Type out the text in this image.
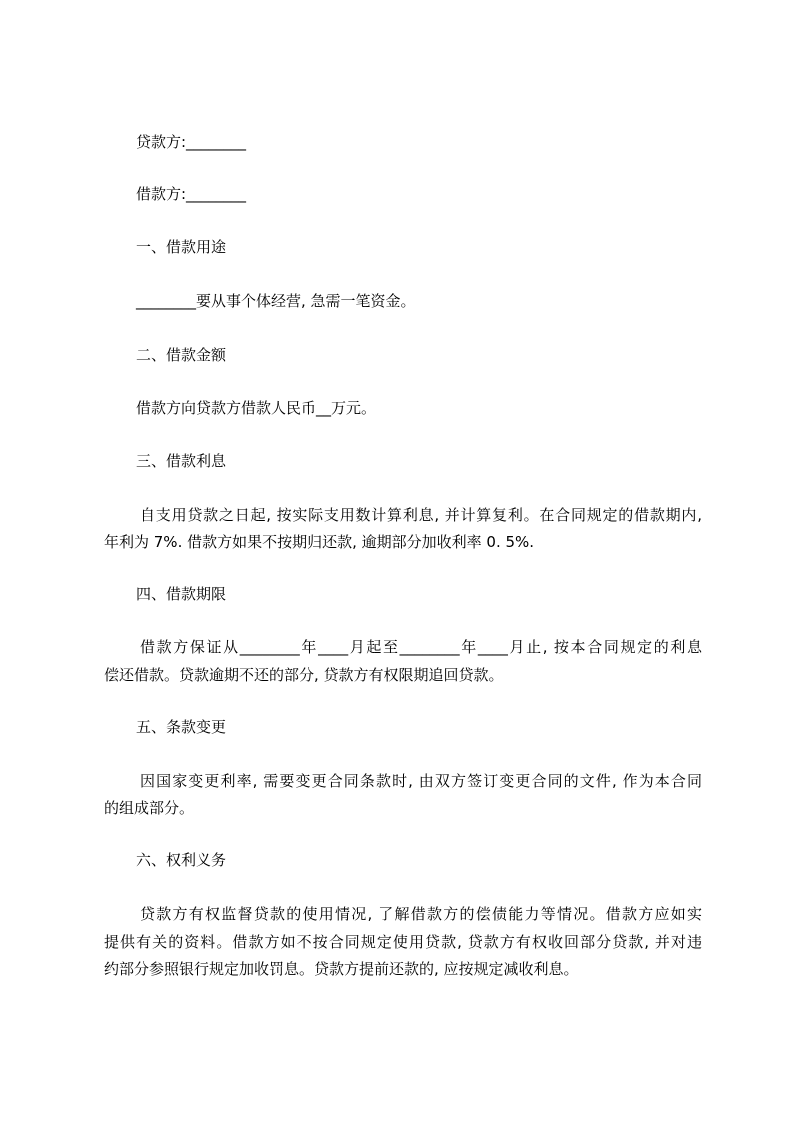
贷款方:________
借款方:________
一、借款用途
________要从事个体经营, 急需一笔资金。
二、借款金额
借款方向贷款方借款人民币__万元。
三、借款利息
自支用贷款之日起, 按实际支用数计算利息, 并计算复利。在合同规定的借款期内,
年利为 7%. 借款方如果不按期归还款, 逾期部分加收利率 0. 5%.
四、借款期限
借款方保证从________年____月起至________年____月止, 按本合同规定的利息
偿还借款。贷款逾期不还的部分, 贷款方有权限期追回贷款。
五、条款变更
因国家变更利率, 需要变更合同条款时, 由双方签订变更合同的文件, 作为本合同
的组成部分。
六、权利义务
贷款方有权监督贷款的使用情况, 了解借款方的偿债能力等情况。借款方应如实
提供有关的资料。借款方如不按合同规定使用贷款, 贷款方有权收回部分贷款, 并对违
约部分参照银行规定加收罚息。贷款方提前还款的, 应按规定减收利息。
